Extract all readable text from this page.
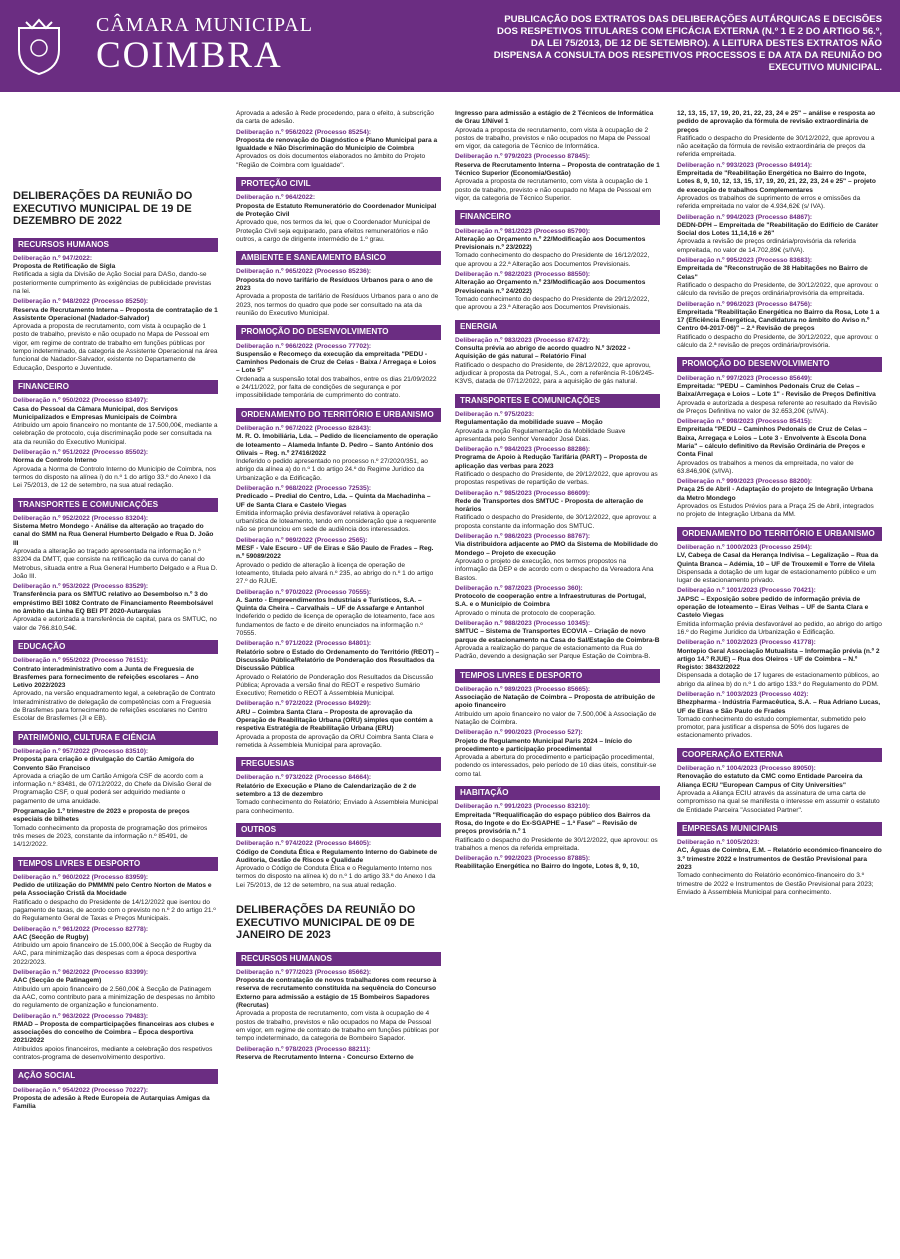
CÂMARA MUNICIPAL
COIMBRA
PUBLICAÇÃO DOS EXTRATOS DAS DELIBERAÇÕES AUTÁRQUICAS E DECISÕES DOS RESPETIVOS TITULARES COM EFICÁCIA EXTERNA (N.º 1 E 2 DO ARTIGO 56.º, DA LEI 75/2013, DE 12 DE SETEMBRO). A LEITURA DESTES EXTRATOS NÃO DISPENSA A CONSULTA DOS RESPETIVOS PROCESSOS E DA ATA DA REUNIÃO DO EXECUTIVO MUNICIPAL.
DELIBERAÇÕES DA REUNIÃO DO EXECUTIVO MUNICIPAL DE 19 DE DEZEMBRO DE 2022
RECURSOS HUMANOS

Deliberação n.º 947/2022:
Proposta de Retificação de Sigla
Retificada a sigla da Divisão de Ação Social para DASo, dando-se posteriormente cumprimento às exigências de publicidade previstas na lei.

Deliberação n.º 948/2022 (Processo 85250):
Reserva de Recrutamento Interna – Proposta de contratação de 1 Assistente Operacional (Nadador-Salvador)
Aprovada a proposta de recrutamento, com vista à ocupação de 1 posto de trabalho, previsto e não ocupado no Mapa de Pessoal em vigor, em regime de contrato de trabalho em funções públicas por tempo indeterminado, da categoria de Assistente Operacional na área funcional de Nadador-Salvador, existente no Departamento de Educação, Desporto e Juventude.

FINANCEIRO

Deliberação n.º 950/2022 (Processo 83497):
Casa do Pessoal da Câmara Municipal, dos Serviços Municipalizados e Empresas Municipais de Coimbra
Atribuído um apoio financeiro no montante de 17.500,00€, mediante a celebração de protocolo, cuja discriminação pode ser consultada na ata da reunião do Executivo Municipal.

Deliberação n.º 951/2022 (Processo 85502):
Norma de Controlo Interno
Aprovada a Norma de Controlo Interno do Município de Coimbra, nos termos do disposto na alínea i) do n.º 1 do artigo 33.º do Anexo I da Lei 75/2013, de 12 de setembro, na sua atual redação.

TRANSPORTES E COMUNICAÇÕES

Deliberação n.º 952/2022 (Processo 83204):
Sistema Metro Mondego - Análise da alteração ao traçado do canal do SMM na Rua General Humberto Delgado e Rua D. João III
Aprovada a alteração ao traçado apresentada na informação n.º 83204 da DMTT, que consiste na retificação da curva do canal do Metrobus, situada entre a Rua General Humberto Delgado e a Rua D. João III.

Deliberação n.º 953/2022 (Processo 83529):
Transferência para os SMTUC relativo ao Desembolso n.º 3 do empréstimo BEI 1082 Contrato de Financiamento Reembolsável no âmbito da Linha EQ BEI PT 2020-Autarquias
Aprovada e autorizada a transferência de capital, para os SMTUC, no valor de 766.810,54€.

EDUCAÇÃO

Deliberação n.º 955/2022 (Processo 76151):
Contrato interadministrativo com a Junta de Freguesia de Brasfemes para fornecimento de refeições escolares – Ano Letivo 2022/2023
Aprovado, na versão enquadramento legal, a celebração de Contrato Interadministrativo de delegação de competências com a Freguesia de Brasfemes para fornecimento de refeições escolares no Centro Escolar de Brasfemes (JI e EB).

PATRIMÓNIO, CULTURA E CIÊNCIA

Deliberação n.º 957/2022 (Processo 83510):
Proposta para criação e divulgação do Cartão Amigo/a do Convento São Francisco
Aprovada a criação de um Cartão Amigo/a CSF de acordo com a informação n.º 83481, de 07/12/2022, do Chefe da Divisão Geral de Programação CSF, o qual poderá ser adquirido mediante o pagamento de uma anuidade.

Programação 1.º trimestre de 2023 e proposta de preços especiais de bilhetes
Tomado conhecimento da proposta de programação dos primeiros três meses de 2023, constante da informação n.º 85491, de 14/12/2022.

TEMPOS LIVRES E DESPORTO

Deliberação n.º 960/2022 (Processo 83959):
Pedido de utilização do PMMMN pelo Centro Norton de Matos e pela Associação Cristã da Mocidade
Ratificado o despacho do Presidente de 14/12/2022 que isentou do pagamento de taxas, de acordo com o previsto no n.º 2 do artigo 21.º do Regulamento Geral de Taxas e Preços Municipais.

Deliberação n.º 961/2022 (Processo 82778):
AAC (Secção de Rugby)
Atribuído um apoio financeiro de 15.000,00€ à Secção de Rugby da AAC, para minimização das despesas com a época desportiva 2022/2023.

Deliberação n.º 962/2022 (Processo 83399):
AAC (Secção de Patinagem)
Atribuído um apoio financeiro de 2.560,00€ à Secção de Patinagem da AAC, como contributo para a minimização de despesas no âmbito do regulamento de organização e funcionamento.

Deliberação n.º 963/2022 (Processo 79483):
RMAD – Proposta de comparticipações financeiras aos clubes e associações do concelho de Coimbra – Época desportiva 2021/2022
Atribuídos apoios financeiros, mediante a celebração dos respetivos contratos-programa de desenvolvimento desportivo.

AÇÃO SOCIAL

Deliberação n.º 954/2022 (Processo 70227):
Proposta de adesão à Rede Europeia de Autarquias Amigas da Família

Aprovada a adesão à Rede procedendo, para o efeito, à subscrição da carta de adesão.

Deliberação n.º 956/2022 (Processo 85254):
Proposta de renovação do Diagnóstico e Plano Municipal para a Igualdade e Não Discriminação do Município de Coimbra
Aprovados os dois documentos elaborados no âmbito do Projeto "Região de Coimbra com Igualdade".

PROTEÇÃO CIVIL

Deliberação n.º 964/2022:
Proposta de Estatuto Remuneratório do Coordenador Municipal de Proteção Civil
Aprovado que, nos termos da lei, que o Coordenador Municipal de Proteção Civil seja equiparado, para efeitos remuneratórios e não outros, a cargo de dirigente intermédio de 1.º grau.

AMBIENTE E SANEAMENTO BÁSICO

Deliberação n.º 965/2022 (Processo 85236):
Proposta do novo tarifário de Resíduos Urbanos para o ano de 2023
Aprovada a proposta de tarifário de Resíduos Urbanos para o ano de 2023, nos termos do quadro que pode ser consultado na ata da reunião do Executivo Municipal.

PROMOÇÃO DO DESENVOLVIMENTO

Deliberação n.º 966/2022 (Processo 77702):
Suspensão e Recomeço da execução da empreitada "PEDU - Caminhos Pedonais de Cruz de Celas - Baixa / Arregaça e Loios – Lote 5"
Ordenada a suspensão total dos trabalhos, entre os dias 21/09/2022 e 24/11/2022, por falta de condições de segurança e por impossibilidade temporária de cumprimento do contrato.

ORDENAMENTO DO TERRITÓRIO E URBANISMO

Deliberação n.º 967/2022 (Processo 82843):
M. R. O. Imobiliária, Lda. – Pedido de licenciamento de operação de loteamento – Alameda Infante D. Pedro – Santo António dos Olivais – Reg. n.º 27416/2022
Indeferido o pedido apresentado no processo n.º 27/2020/351, ao abrigo da alínea a) do n.º 1 do artigo 24.º do Regime Jurídico da Urbanização e da Edificação.

Deliberação n.º 968/2022 (Processo 72535):
Predicado – Predial do Centro, Lda. – Quinta da Machadinha – UF de Santa Clara e Castelo Viegas
Emitida informação prévia desfavorável relativa à operação urbanística de loteamento, tendo em consideração que a requerente não se pronunciou em sede de audiência dos interessados.

Deliberação n.º 969/2022 (Processo 2565):
MESF - Vale Escuro - UF de Eiras e São Paulo de Frades – Reg. n.º 59089/2022
Aprovado o pedido de alteração à licença de operação de loteamento, titulada pelo alvará n.º 235, ao abrigo do n.º 1 do artigo 27.º do RJUE.

Deliberação n.º 970/2022 (Processo 70555):
A. Santo - Empreendimentos Industriais e Turísticos, S.A. – Quinta da Cheira – Carvalhais – UF de Assafarge e Antanhol
Indeferido o pedido de licença de operação de loteamento, face aos fundamentos de facto e de direito enunciados na informação n.º 70555.

Deliberação n.º 971/2022 (Processo 84801):
Relatório sobre o Estado do Ordenamento do Território (REOT) – Discussão Pública/Relatório de Ponderação dos Resultados da Discussão Pública
Aprovado o Relatório de Ponderação dos Resultados da Discussão Pública; Aprovada a versão final do REOT e respetivo Sumário Executivo; Remetido o REOT à Assembleia Municipal.

Deliberação n.º 972/2022 (Processo 84929):
ARU – Coimbra Santa Clara – Proposta de aprovação da Operação de Reabilitação Urbana (ORU) simples que contém a respetiva Estratégia de Reabilitação Urbana (ERU)
Aprovada a proposta de aprovação da ORU Coimbra Santa Clara e remetida à Assembleia Municipal para aprovação.

FREGUESIAS

Deliberação n.º 973/2022 (Processo 84664):
Relatório de Execução e Plano de Calendarização de 2 de setembro a 13 de dezembro
Tomado conhecimento do Relatório; Enviado à Assembleia Municipal para conhecimento.

OUTROS

Deliberação n.º 974/2022 (Processo 84605):
Código de Conduta Ética e Regulamento Interno do Gabinete de Auditoria, Gestão de Riscos e Qualidade
Aprovado o Código de Conduta Ética e o Regulamento Interno nos termos do disposto na alínea k) do n.º 1 do artigo 33.º do Anexo I da Lei 75/2013, de 12 de setembro, na sua atual redação.

DELIBERAÇÕES DA REUNIÃO DO EXECUTIVO MUNICIPAL DE 09 DE JANEIRO DE 2023
RECURSOS HUMANOS

Deliberação n.º 977/2023 (Processo 85662):
Proposta de contratação de novos trabalhadores com recurso à reserva de recrutamento constituída na sequência do Concurso Externo para admissão a estágio de 15 Bombeiros Sapadores (Recrutas)
Aprovada a proposta de recrutamento, com vista à ocupação de 4 postos de trabalho, previstos e não ocupados no Mapa de Pessoal em vigor, em regime de contrato de trabalho em funções públicas por tempo indeterminado, da categoria de Bombeiro Sapador.

Deliberação n.º 978/2023 (Processo 88211):
Reserva de Recrutamento Interna - Concurso Externo de

Ingresso para admissão a estágio de 2 Técnicos de Informática de Grau 1/Nível 1
Aprovada a proposta de recrutamento, com vista à ocupação de 2 postos de trabalho, previstos e não ocupados no Mapa de Pessoal em vigor, da categoria de Técnico de Informática.

Deliberação n.º 979/2023 (Processo 87845):
Reserva de Recrutamento Interna – Proposta de contratação de 1 Técnico Superior (Economia/Gestão)
Aprovada a proposta de recrutamento, com vista à ocupação de 1 posto de trabalho, previsto e não ocupado no Mapa de Pessoal em vigor, da categoria de Técnico Superior.

FINANCEIRO

Deliberação n.º 981/2023 (Processo 85790):
Alteração ao Orçamento n.º 22/Modificação aos Documentos Previsionais n.º 23/2022)
Tomado conhecimento do despacho do Presidente de 16/12/2022, que aprovou a 22.ª Alteração aos Documentos Previsionais.

Deliberação n.º 982/2023 (Processo 88550):
Alteração ao Orçamento n.º 23/Modificação aos Documentos Previsionais n.º 24/2022)
Tomado conhecimento do despacho do Presidente de 29/12/2022, que aprovou a 23.ª Alteração aos Documentos Previsionais.

ENERGIA

Deliberação n.º 983/2023 (Processo 87472):
Consulta prévia ao abrigo de acordo quadro N.º 3/2022 - Aquisição de gás natural – Relatório Final
Ratificado o despacho do Presidente, de 28/12/2022, que aprovou, adjudicar à proposta da Petrogal, S.A., com a referência R-106/245-K3VS, datada de 07/12/2022, para a aquisição de gás natural.

TRANSPORTES E COMUNICAÇÕES

Deliberação n.º 975/2023:
Regulamentação da mobilidade suave – Moção
Aprovada a moção Regulamentação da Mobilidade Suave apresentada pelo Senhor Vereador José Dias.

Deliberação n.º 984/2023 (Processo 88286):
Programa de Apoio à Redução Tarifária (PART) – Proposta de aplicação das verbas para 2023
Ratificado o despacho do Presidente, de 29/12/2022, que aprovou as propostas respetivas de repartição de verbas.

Deliberação n.º 985/2023 (Processo 86609):
Rede de Transportes dos SMTUC - Proposta de alteração de horários
Ratificado o despacho do Presidente, de 30/12/2022, que aprovou: a proposta constante da informação dos SMTUC.

Deliberação n.º 986/2023 (Processo 88767):
Via distribuidora adjacente ao PMO da Sistema de Mobilidade do Mondego – Projeto de execução
Aprovado o projeto de execução, nos termos propostos na informação da DEP e de acordo com o despacho da Vereadora Ana Bastos.

Deliberação n.º 987/2023 (Processo 360):
Protocolo de cooperação entre a Infraestruturas de Portugal, S.A. e o Município de Coimbra
Aprovado o minuta de protocolo de cooperação.

Deliberação n.º 988/2023 (Processo 10345):
SMTUC – Sistema de Transportes ECOVIA – Criação de novo parque de estacionamento na Casa do Sal/Estação de Coimbra-B
Aprovada a realização do parque de estacionamento da Rua do Padrão, devendo a designação ser Parque Estação de Coimbra-B.

TEMPOS LIVRES E DESPORTO

Deliberação n.º 989/2023 (Processo 85665):
Associação de Natação de Coimbra – Proposta de atribuição de apoio financeiro
Atribuído um apoio financeiro no valor de 7.500,00€ à Associação de Natação de Coimbra.

Deliberação n.º 990/2023 (Processo 527):
Projeto de Regulamento Municipal Paris 2024 – Início do procedimento e participação procedimental
Aprovada a abertura do procedimento e participação procedimental, podendo os interessados, pelo período de 10 dias úteis, constituir-se como tal.

HABITAÇÃO

Deliberação n.º 991/2023 (Processo 83210):
Empreitada "Requalificação do espaço público dos Bairros da Rosa, do Ingote e do Ex-SGAPHE – 1.ª Fase" – Revisão de preços provisória n.º 1
Ratificado o despacho do Presidente de 30/12/2022, que aprovou: os trabalhos a menos da referida empreitada.

Deliberação n.º 992/2023 (Processo 87885):
Reabilitação Energética no Bairro do Ingote, Lotes 8, 9, 10,

12, 13, 15, 17, 19, 20, 21, 22, 23, 24 e 25" – análise e resposta ao pedido de aprovação da fórmula de revisão extraordinária de preços
Ratificado o despacho do Presidente de 30/12/2022, que aprovou a não aceitação da fórmula de revisão extraordinária de preços da referida empreitada.

Deliberação n.º 993/2023 (Processo 84914):
Empreitada de "Reabilitação Energética no Bairro do Ingote, Lotes 8, 9, 10, 12, 13, 15, 17, 19, 20, 21, 22, 23, 24 e 25" – projeto de execução de trabalhos Complementares
Aprovados os trabalhos de suprimento de erros e omissões da referida empreitada no valor de 4.934,62€ (s/ IVA).

Deliberação n.º 994/2023 (Processo 84867):
DEDN-DPH – Empreitada de "Reabilitação do Edifício de Caráter Social dos Lotes 11,14,16 e 26"
Aprovada a revisão de preços ordinária/provisória da referida empreitada, no valor de 14.702,89€ (s/IVA).

Deliberação n.º 995/2023 (Processo 83683):
Empreitada de "Reconstrução de 38 Habitações no Bairro de Celas"
Ratificado o despacho do Presidente, de 30/12/2022, que aprovou: o cálculo da revisão de preços ordinária/provisória da empreitada.

Deliberação n.º 996/2023 (Processo 84756):
Empreitada "Reabilitação Energética no Bairro da Rosa, Lote 1 a 17 (Eficiência Energética, Candidatura no âmbito do Aviso n.º Centro 04-2017-06)" – 2.ª Revisão de preços
Ratificado o despacho do Presidente, de 30/12/2022, que aprovou: o cálculo da 2.ª revisão de preços ordinária/provisória.

PROMOÇÃO DO DESENVOLVIMENTO

Deliberação n.º 997/2023 (Processo 85649):
Empreitada: "PEDU – Caminhos Pedonais Cruz de Celas – Baixa/Arregaça e Loios – Lote 1" - Revisão de Preços Definitiva
Aprovada e autorizada a despesa referente ao resultado da Revisão de Preços Definitiva no valor de 32.653,20€ (s/IVA).

Deliberação n.º 998/2023 (Processo 85415):
Empreitada "PEDU – Caminhos Pedonais de Cruz de Celas – Baixa, Arregaça e Loios – Lote 3 - Envolvente à Escola Dona Maria" – cálculo definitivo da Revisão Ordinária de Preços e Conta Final
Aprovados os trabalhos a menos da empreitada, no valor de 63.846,90€ (s/IVA).

Deliberação n.º 999/2023 (Processo 88200):
Praça 25 de Abril - Adaptação do projeto de Integração Urbana da Metro Mondego
Aprovados os Estudos Prévios para a Praça 25 de Abril, integrados no projeto de Integração Urbana da MM.

ORDENAMENTO DO TERRITÓRIO E URBANISMO

Deliberação n.º 1000/2023 (Processo 2594):
LV, Cabeça de Casal da Herança Indivisa – Legalização – Rua da Quinta Branca – Adémia, 10 – UF de Trouxemil e Torre de Vilela
Dispensada a dotação de um lugar de estacionamento público e um lugar de estacionamento privado.

Deliberação n.º 1001/2023 (Processo 70421):
JAPSC – Exposição sobre pedido de informação prévia de operação de loteamento – Eiras Velhas – UF de Santa Clara e Castelo Viegas
Emitida informação prévia desfavorável ao pedido, ao abrigo do artigo 16.º do Regime Jurídico da Urbanização e Edificação.

Deliberação n.º 1002/2023 (Processo 41778):
Montepio Geral Associação Mutualista – Informação prévia (n.º 2 artigo 14.º RJUE) – Rua dos Oleiros - UF de Coimbra – N.º Registo: 38432/2022
Dispensada a dotação de 17 lugares de estacionamento públicos, ao abrigo da alínea b) do n.º 1 do artigo 133.º do Regulamento do PDM.

Deliberação n.º 1003/2023 (Processo 402):
Bhezpharma - Indústria Farmacêutica, S.A. – Rua Adriano Lucas, UF de Eiras e São Paulo de Frades
Tomado conhecimento do estudo complementar, submetido pelo promotor, para justificar a dispensa de 50% dos lugares de estacionamento privados.

COOPERAÇÃO EXTERNA

Deliberação n.º 1004/2023 (Processo 89050):
Renovação do estatuto da CMC como Entidade Parceira da Aliança ECIU "European Campus of City Universities"
Aprovada a Aliança ECIU através da assinatura de uma carta de compromisso na qual se manifesta o interesse em assumir o estatuto de Entidade Parceira "Associated Partner".

EMPRESAS MUNICIPAIS

Deliberação n.º 1005/2023:
AC, Águas de Coimbra, E.M. – Relatório económico-financeiro do 3.º trimestre 2022 e Instrumentos de Gestão Previsional para 2023
Tomado conhecimento do Relatório económico-financeiro do 3.º trimestre de 2022 e Instrumentos de Gestão Previsional para 2023; Enviado à Assembleia Municipal para conhecimento.
